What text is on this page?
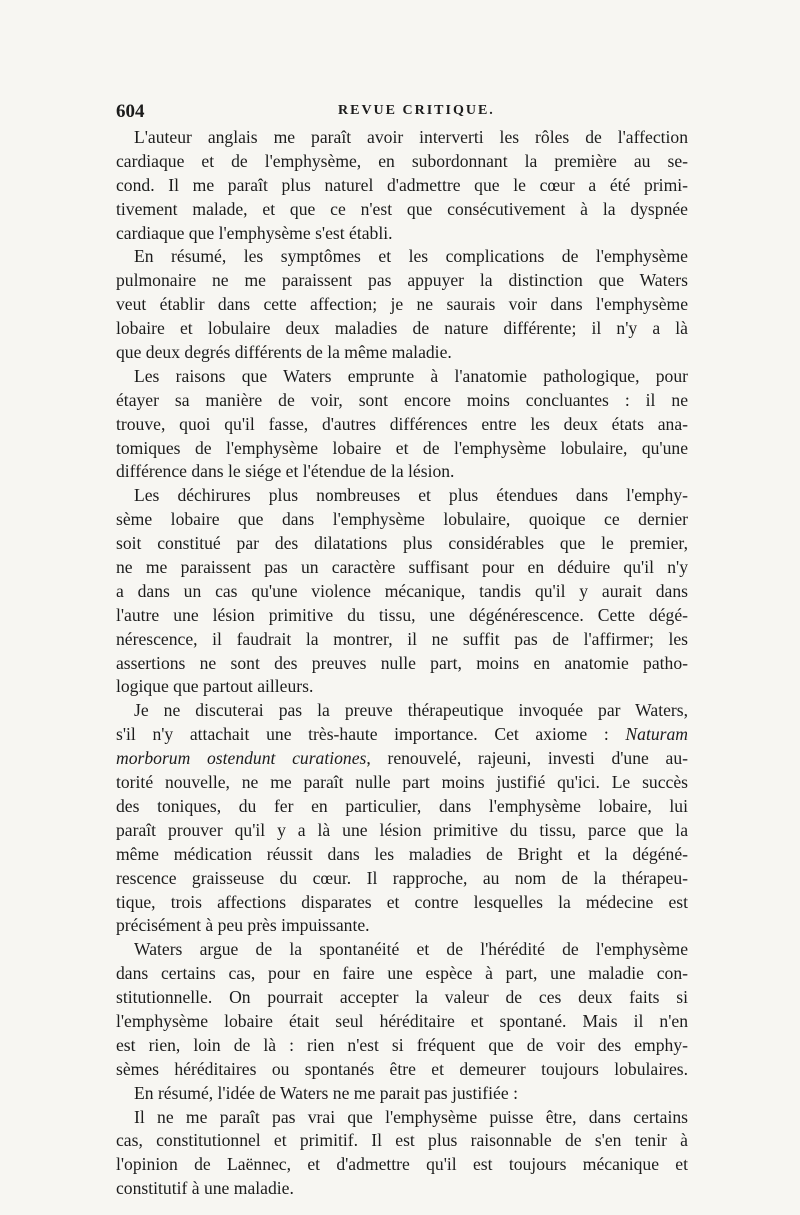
604	REVUE CRITIQUE.
L'auteur anglais me paraît avoir interverti les rôles de l'affection
cardiaque et de l'emphysème, en subordonnant la première au se-
cond. Il me paraît plus naturel d'admettre que le cœur a été primi-
tivement malade, et que ce n'est que consécutivement à la dyspnée
cardiaque que l'emphysème s'est établi.
En résumé, les symptômes et les complications de l'emphysème
pulmonaire ne me paraissent pas appuyer la distinction que Waters
veut établir dans cette affection; je ne saurais voir dans l'emphysème
lobaire et lobulaire deux maladies de nature différente; il n'y a là
que deux degrés différents de la même maladie.
Les raisons que Waters emprunte à l'anatomie pathologique, pour
étayer sa manière de voir, sont encore moins concluantes : il ne
trouve, quoi qu'il fasse, d'autres différences entre les deux états ana-
tomiques de l'emphysème lobaire et de l'emphysème lobulaire, qu'une
différence dans le siége et l'étendue de la lésion.
Les déchirures plus nombreuses et plus étendues dans l'emphy-
sème lobaire que dans l'emphysème lobulaire, quoique ce dernier
soit constitué par des dilatations plus considérables que le premier,
ne me paraissent pas un caractère suffisant pour en déduire qu'il n'y
a dans un cas qu'une violence mécanique, tandis qu'il y aurait dans
l'autre une lésion primitive du tissu, une dégénérescence. Cette dégé-
nérescence, il faudrait la montrer, il ne suffit pas de l'affirmer; les
assertions ne sont des preuves nulle part, moins en anatomie patho-
logique que partout ailleurs.
Je ne discuterai pas la preuve thérapeutique invoquée par Waters,
s'il n'y attachait une très-haute importance. Cet axiome : Naturam
morborum ostendunt curationes, renouvelé, rajeuni, investi d'une au-
torité nouvelle, ne me paraît nulle part moins justifié qu'ici. Le succès
des toniques, du fer en particulier, dans l'emphysème lobaire, lui
paraît prouver qu'il y a là une lésion primitive du tissu, parce que la
même médication réussit dans les maladies de Bright et la dégéné-
rescence graisseuse du cœur. Il rapproche, au nom de la thérapeu-
tique, trois affections disparates et contre lesquelles la médecine est
précisément à peu près impuissante.
Waters argue de la spontanéité et de l'hérédité de l'emphysème
dans certains cas, pour en faire une espèce à part, une maladie con-
stitutionnelle. On pourrait accepter la valeur de ces deux faits si
l'emphysème lobaire était seul héréditaire et spontané. Mais il n'en
est rien, loin de là : rien n'est si fréquent que de voir des emphy-
sèmes héréditaires ou spontanés être et demeurer toujours lobulaires.
En résumé, l'idée de Waters ne me parait pas justifiée :
Il ne me paraît pas vrai que l'emphysème puisse être, dans certains
cas, constitutionnel et primitif. Il est plus raisonnable de s'en tenir à
l'opinion de Laënnec, et d'admettre qu'il est toujours mécanique et
constitutif à une maladie.
